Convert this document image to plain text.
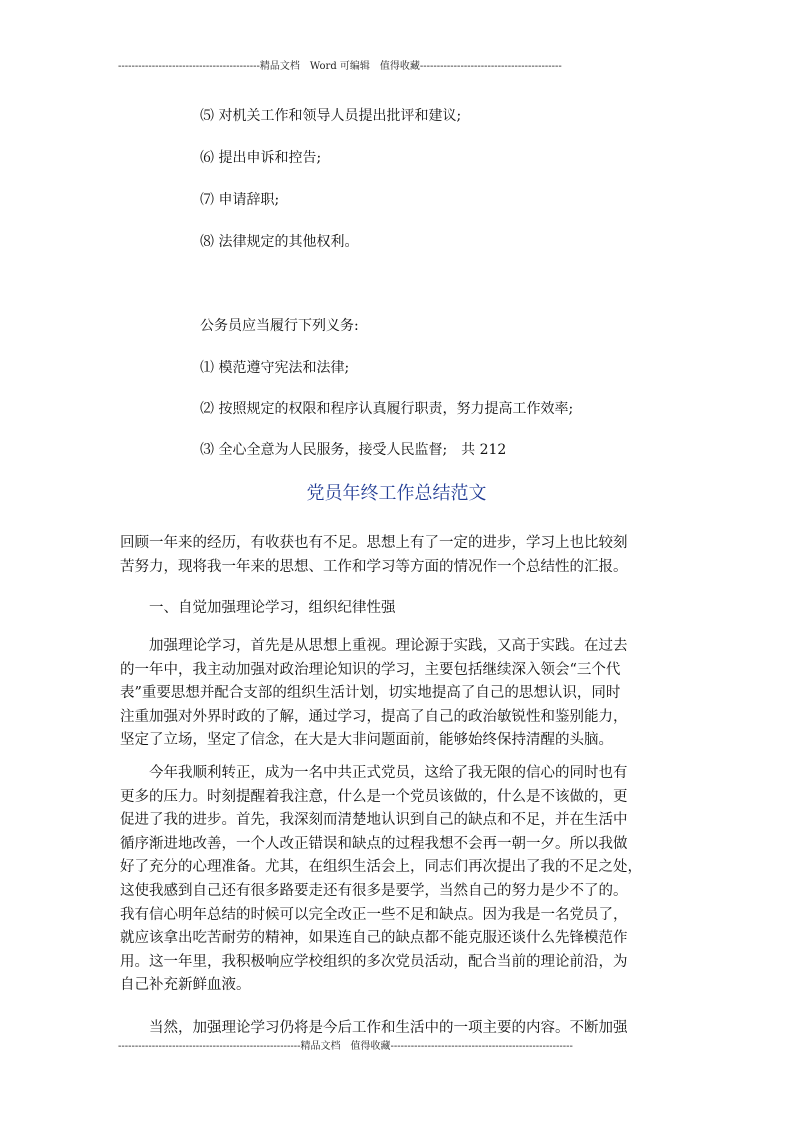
------------------------------------------精品文档　Word 可编辑　值得收藏------------------------------------------
⑸ 对机关工作和领导人员提出批评和建议;
⑹ 提出申诉和控告;
⑺ 申请辞职;
⑻ 法律规定的其他权利。
公务员应当履行下列义务:
⑴ 模范遵守宪法和法律;
⑵ 按照规定的权限和程序认真履行职责，努力提高工作效率;
⑶ 全心全意为人民服务，接受人民监督;　共 212
党员年终工作总结范文
回顾一年来的经历，有收获也有不足。思想上有了一定的进步，学习上也比较刻
苦努力，现将我一年来的思想、工作和学习等方面的情况作一个总结性的汇报。
　　一、自觉加强理论学习，组织纪律性强
　　加强理论学习，首先是从思想上重视。理论源于实践，又高于实践。在过去
的一年中，我主动加强对政治理论知识的学习，主要包括继续深入领会“三个代
表”重要思想并配合支部的组织生活计划，切实地提高了自己的思想认识，同时
注重加强对外界时政的了解，通过学习，提高了自己的政治敏锐性和鉴别能力，
坚定了立场，坚定了信念，在大是大非问题面前，能够始终保持清醒的头脑。
　　今年我顺利转正，成为一名中共正式党员，这给了我无限的信心的同时也有
更多的压力。时刻提醒着我注意，什么是一个党员该做的，什么是不该做的，更
促进了我的进步。首先，我深刻而清楚地认识到自己的缺点和不足，并在生活中
循序渐进地改善，一个人改正错误和缺点的过程我想不会再一朝一夕。所以我做
好了充分的心理准备。尤其，在组织生活会上，同志们再次提出了我的不足之处，
这使我感到自己还有很多路要走还有很多是要学，当然自己的努力是少不了的。
我有信心明年总结的时候可以完全改正一些不足和缺点。因为我是一名党员了，
就应该拿出吃苦耐劳的精神，如果连自己的缺点都不能克服还谈什么先锋模范作
用。这一年里，我积极响应学校组织的多次党员活动，配合当前的理论前沿，为
自己补充新鲜血液。
　　当然，加强理论学习仍将是今后工作和生活中的一项主要的内容。不断加强
------------------------------------------------------精品文档　值得收藏------------------------------------------------------
